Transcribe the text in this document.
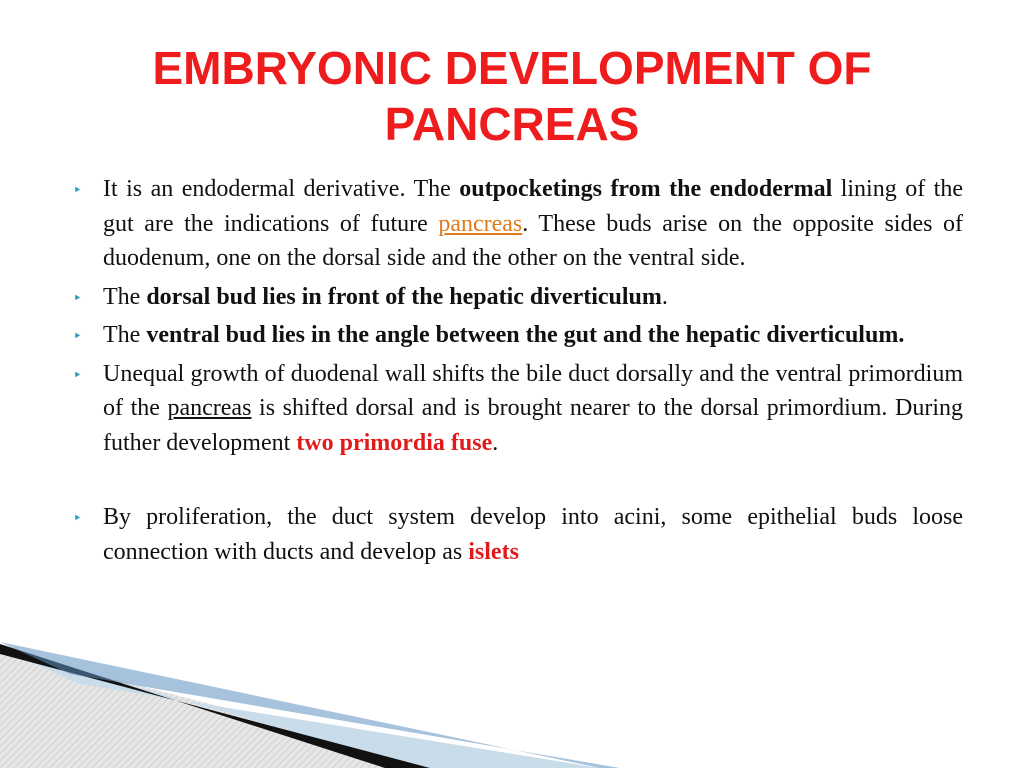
EMBRYONIC DEVELOPMENT OF
PANCREAS
‣ It is an endodermal derivative. The outpocketings from the endodermal lining of the gut are the indications of future pancreas. These buds arise on the opposite sides of duodenum, one on the dorsal side and the other on the ventral side.
‣ The dorsal bud lies in front of the hepatic diverticulum.
‣ The ventral bud lies in the angle between the gut and the hepatic diverticulum.
‣ Unequal growth of duodenal wall shifts the bile duct dorsally and the ventral primordium of the pancreas is shifted dorsal and is brought nearer to the dorsal primordium. During futher development two primordia fuse.
‣ By proliferation, the duct system develop into acini, some epithelial buds loose connection with ducts and develop as islets
